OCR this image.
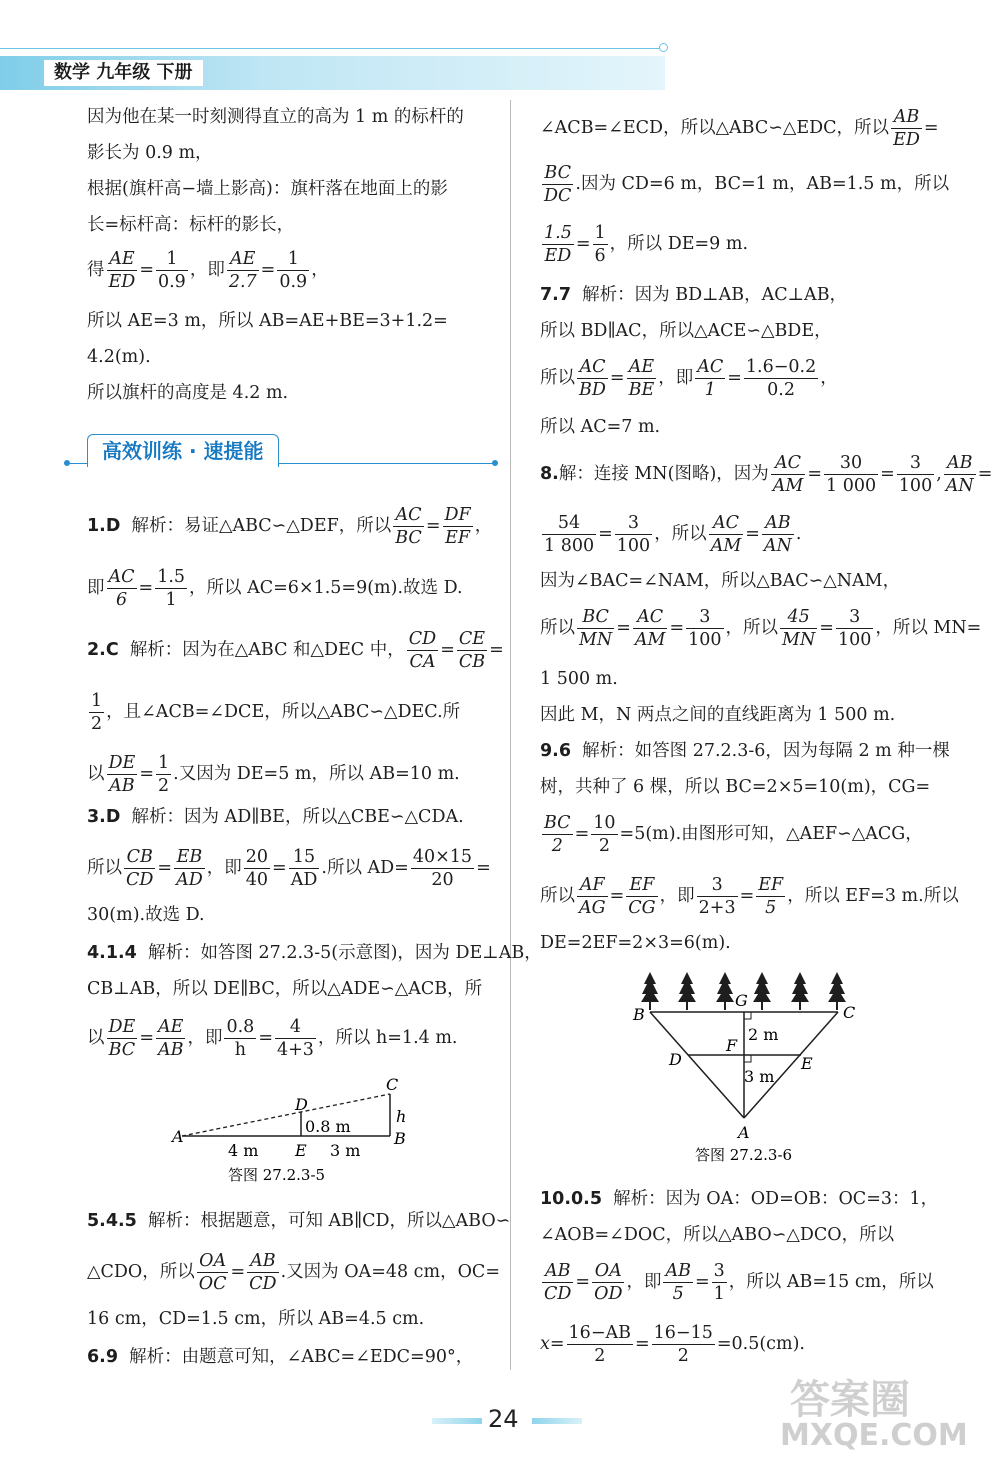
数学 九年级 下册
因为他在某一时刻测得直立的高为 1 m 的标杆的
影长为 0.9 m，
根据(旗杆高−墙上影高)：旗杆落在地面上的影
长=标杆高：标杆的影长，
得 $\frac{AE}{ED} = \frac{1}{0.9}$ ，即 $\frac{AE}{2.7} = \frac{1}{0.9}$ ，
所以 AE=3 m，所以 AB=AE+BE=3+1.2=
4.2(m).
所以旗杆的高度是 4.2 m.
高效训练 · 速提能
1.D 解析：易证△ABC∽△DEF，所以 $\frac{AC}{BC} = \frac{DF}{EF}$ ，
即 $\frac{AC}{6} = \frac{1.5}{1}$ ，所以 AC=6×1.5=9(m).故选 D.
2.C 解析：因为在△ABC 和△DEC 中， $\frac{CD}{CA} = \frac{CE}{CB}$ =
$\frac{1}{2}$ ，且∠ACB=∠DCE，所以△ABC∽△DEC.所
以 $\frac{DE}{AB} = \frac{1}{2}$ .又因为 DE=5 m，所以 AB=10 m.
3.D 解析：因为 AD∥BE，所以△CBE∽△CDA.
所以 $\frac{CB}{CD} = \frac{EB}{AD}$ ，即 $\frac{20}{40} = \frac{15}{AD}$ .所以 $AD= \frac{40\times 15}{20}$ =
30(m).故选 D.
4.1.4 解析：如答图 27.2.3-5(示意图)，因为 DE⊥AB，
CB⊥AB，所以 DE∥BC，所以△ADE∽△ACB，所
以 $\frac{DE}{BC} = \frac{AE}{AB}$ ，即 $\frac{0.8}{h} = \frac{4}{4+3}$ ，所以 h=1.4 m.
A	B
C
D
E
h
4 m	3 m
0.8 m
答图 27.2.3-5
5.4.5 解析：根据题意，可知 AB∥CD，所以△ABO∽
△CDO，所以 $\frac{OA}{OC} = \frac{AB}{CD}$ .又因为 OA=48 cm，OC=
16 cm，CD=1.5 cm，所以 AB=4.5 cm.
6.9 解析：由题意可知，∠ABC=∠EDC=90°，
∠ACB=∠ECD，所以△ABC∽△EDC，所以 $\frac{AB}{ED}$ =
$\frac{BC}{DC}$ .因为 CD=6 m，BC=1 m，AB=1.5 m，所以
$\frac{1.5}{ED} = \frac{1}{6}$ ，所以 DE=9 m.
7.7 解析：因为 BD⊥AB，AC⊥AB，
所以 BD∥AC，所以△ACE∽△BDE，
所以 $\frac{AC}{BD} = \frac{AE}{BE}$ ，即 $\frac{AC}{1} = \frac{1.6-0.2}{0.2}$ ，
所以 AC=7 m.
8.解：连接 MN(图略)，因为 $\frac{AC}{AM} = \frac{30}{1 000} = \frac{3}{100}$ , $\frac{AB}{AN}$ =
$\frac{54}{1 800} = \frac{3}{100}$ ，所以 $\frac{AC}{AM} = \frac{AB}{AN}$ .
因为∠BAC=∠NAM，所以△BAC∽△NAM，
所以 $\frac{BC}{MN} = \frac{AC}{AM} = \frac{3}{100}$ ，所以 $\frac{45}{MN} = \frac{3}{100}$ ，所以 MN=
1 500 m.
因此 M，N 两点之间的直线距离为 1 500 m.
9.6 解析：如答图 27.2.3-6，因为每隔 2 m 种一棵
树，共种了 6 棵，所以 BC=2×5=10(m)，CG=
$\frac{BC}{2} = \frac{10}{2} =5(m)$.由图形可知，△AEF∽△ACG，
所以 $\frac{AF}{AG} = \frac{EF}{CG}$ ，即 $\frac{3}{2+3} = \frac{EF}{5}$ ，所以 EF=3 m.所以
DE=2EF=2×3=6(m).
B	C
G
D	E
F
A
2 m
3 m
答图 27.2.3-6
10.0.5 解析：因为 OA：OD=OB：OC=3：1，
∠AOB=∠DOC，所以△ABO∽△DCO，所以
$\frac{AB}{CD} = \frac{OA}{OD}$ ，即 $\frac{AB}{5} = \frac{3}{1}$ ，所以 AB=15 cm，所以
$x= \frac{16-AB}{2} = \frac{16-15}{2} =0.5(cm)$.
24	答案圈
MXQE.COM
